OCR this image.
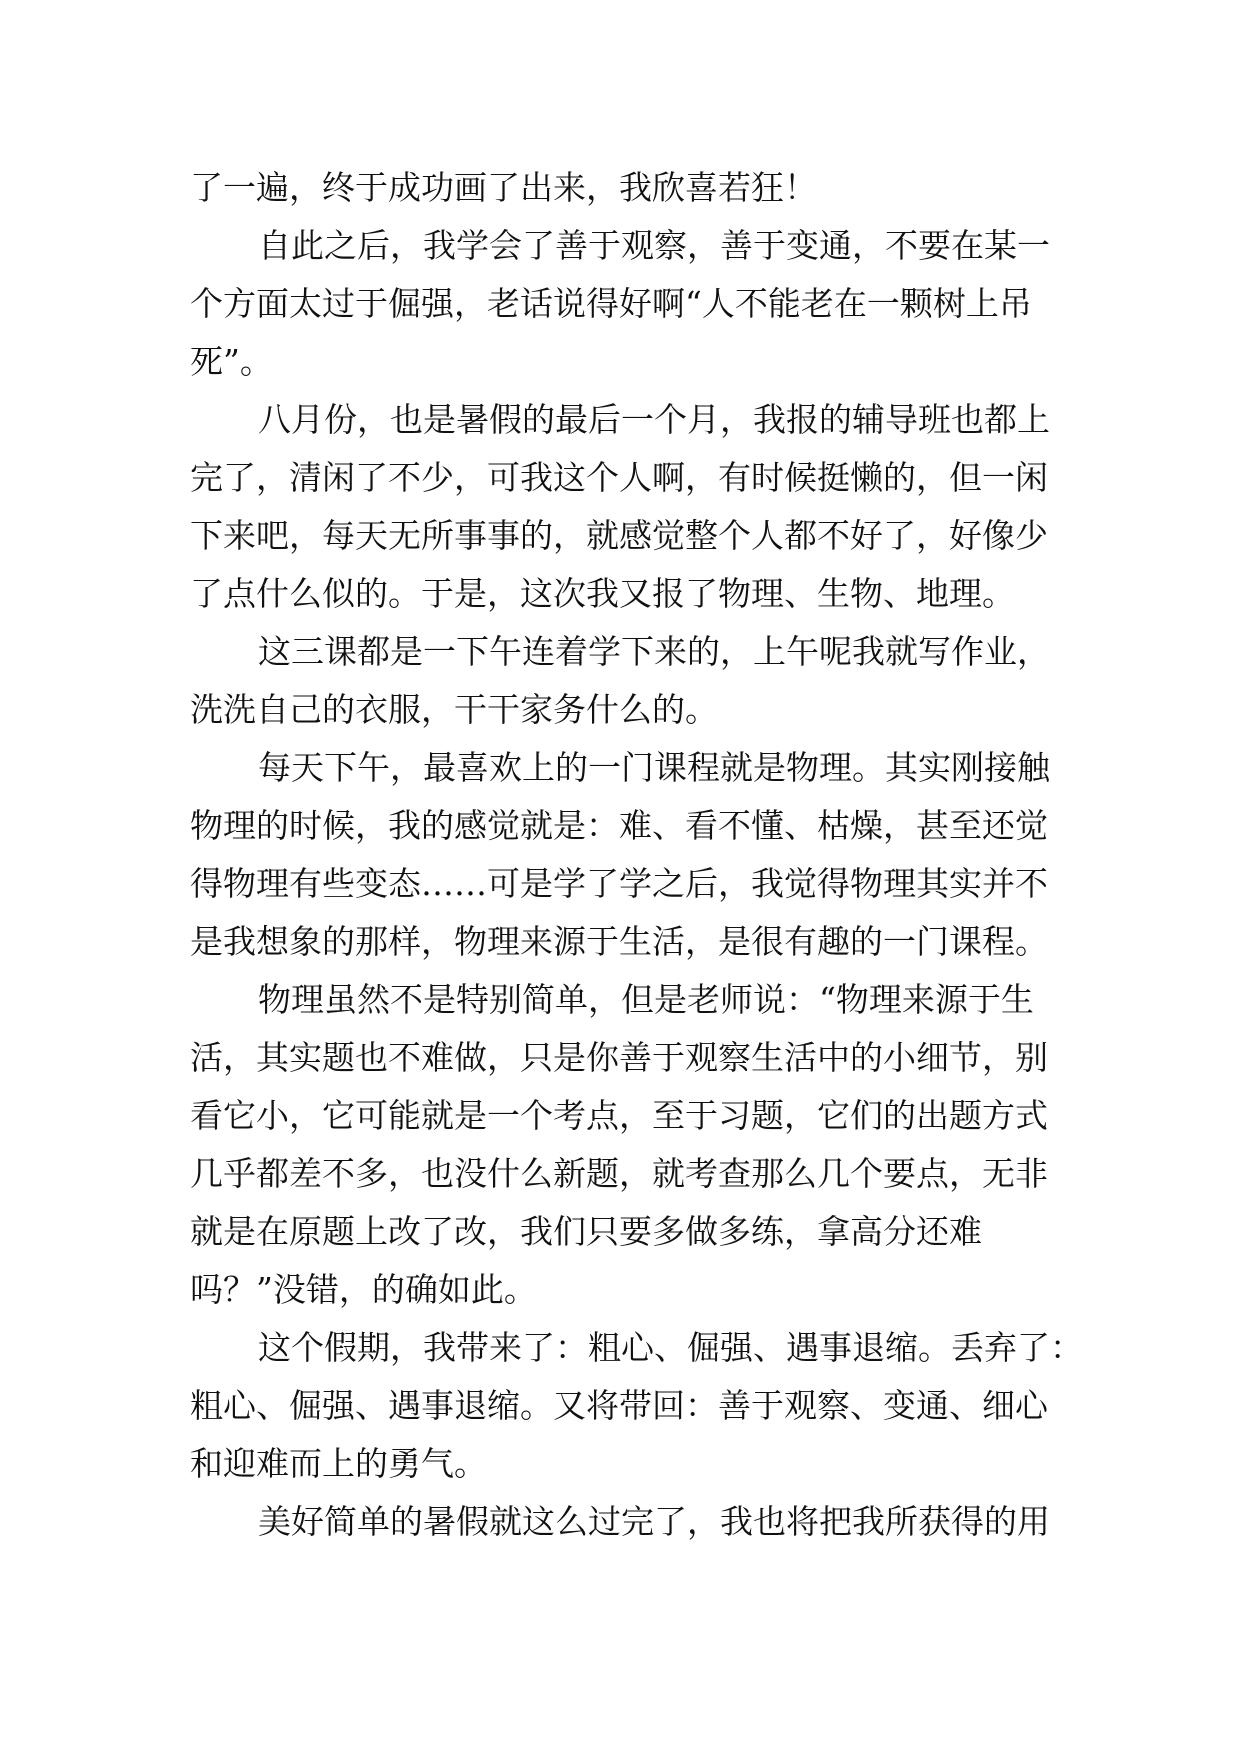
了一遍，终于成功画了出来，我欣喜若狂！
自此之后，我学会了善于观察，善于变通，不要在某一
个方面太过于倔强，老话说得好啊“人不能老在一颗树上吊
死”。
八月份，也是暑假的最后一个月，我报的辅导班也都上
完了，清闲了不少，可我这个人啊，有时候挺懒的，但一闲
下来吧，每天无所事事的，就感觉整个人都不好了，好像少
了点什么似的。于是，这次我又报了物理、生物、地理。
这三课都是一下午连着学下来的，上午呢我就写作业，
洗洗自己的衣服，干干家务什么的。
每天下午，最喜欢上的一门课程就是物理。其实刚接触
物理的时候，我的感觉就是：难、看不懂、枯燥，甚至还觉
得物理有些变态……可是学了学之后，我觉得物理其实并不
是我想象的那样，物理来源于生活，是很有趣的一门课程。
物理虽然不是特别简单，但是老师说：“物理来源于生
活，其实题也不难做，只是你善于观察生活中的小细节，别
看它小，它可能就是一个考点，至于习题，它们的出题方式
几乎都差不多，也没什么新题，就考查那么几个要点，无非
就是在原题上改了改，我们只要多做多练，拿高分还难
吗？”没错，的确如此。
这个假期，我带来了：粗心、倔强、遇事退缩。丢弃了：
粗心、倔强、遇事退缩。又将带回：善于观察、变通、细心
和迎难而上的勇气。
美好简单的暑假就这么过完了，我也将把我所获得的用
